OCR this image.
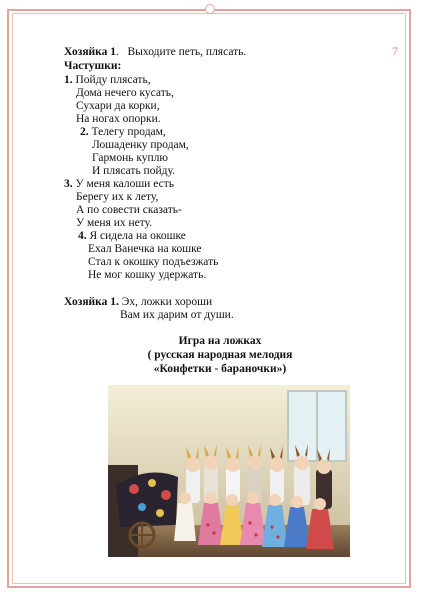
7
Хозяйка 1. Выходите петь, плясать.
Частушки:
1. Пойду плясать,
Дома нечего кусать,
Сухари да корки,
На ногах опорки.
2. Телегу продам,
Лошаденку продам,
Гармонь куплю
И плясать пойду.
3. У меня калоши есть
Берегу их к лету,
А по совести сказать-
У меня их нету.
4. Я сидела на окошке
Ехал Ванечка на кошке
Стал к окошку подъезжать
Не мог кошку удержать.
Хозяйка 1. Эх, ложки хороши
Вам их дарим от души.
Игра на ложках
( русская народная мелодия
«Конфетки - бараночки»)
